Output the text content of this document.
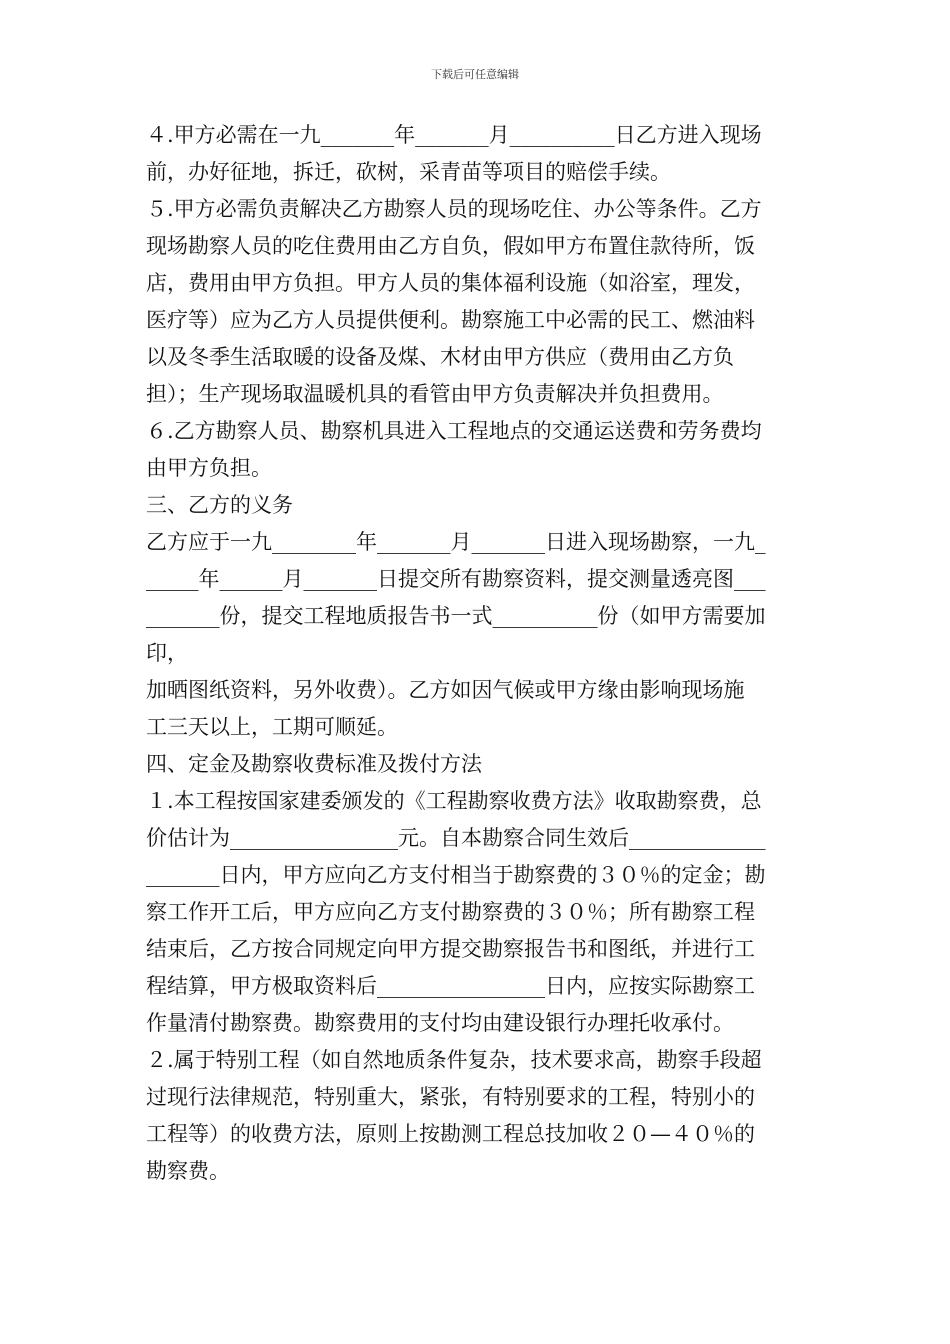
下载后可任意编辑
４.甲方必需在一九_______年_______月__________日乙方进入现场
前，办好征地，拆迁，砍树，采青苗等项目的赔偿手续。
５.甲方必需负责解决乙方勘察人员的现场吃住、办公等条件。乙方
现场勘察人员的吃住费用由乙方自负，假如甲方布置住款待所，饭
店，费用由甲方负担。甲方人员的集体福利设施（如浴室，理发，
医疗等）应为乙方人员提供便利。勘察施工中必需的民工、燃油料
以及冬季生活取暖的设备及煤、木材由甲方供应（费用由乙方负
担）；生产现场取温暖机具的看管由甲方负责解决并负担费用。
６.乙方勘察人员、勘察机具进入工程地点的交通运送费和劳务费均
由甲方负担。
三、乙方的义务
乙方应于一九________年_______月_______日进入现场勘察，一九_
_____年______月_______日提交所有勘察资料，提交测量透亮图___
_______份，提交工程地质报告书一式__________份（如甲方需要加
印，
加晒图纸资料，另外收费）。乙方如因气候或甲方缘由影响现场施
工三天以上，工期可顺延。
四、定金及勘察收费标准及拨付方法
１.本工程按国家建委颁发的《工程勘察收费方法》收取勘察费，总
价估计为________________元。自本勘察合同生效后_____________
_______日内，甲方应向乙方支付相当于勘察费的３０％的定金；勘
察工作开工后，甲方应向乙方支付勘察费的３０％；所有勘察工程
结束后，乙方按合同规定向甲方提交勘察报告书和图纸，并进行工
程结算，甲方极取资料后________________日内，应按实际勘察工
作量清付勘察费。勘察费用的支付均由建设银行办理托收承付。
２.属于特别工程（如自然地质条件复杂，技术要求高，勘察手段超
过现行法律规范，特别重大，紧张，有特别要求的工程，特别小的
工程等）的收费方法，原则上按勘测工程总技加收２０—４０％的
勘察费。
